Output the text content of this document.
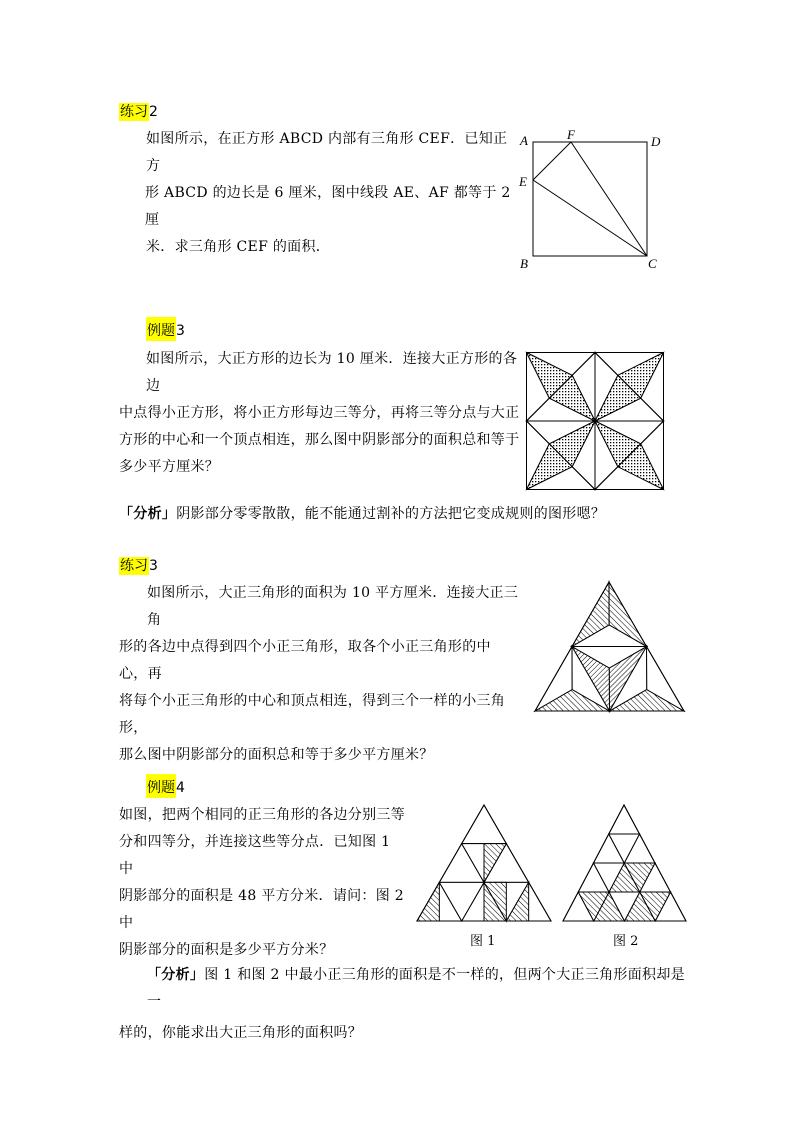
练习2
如图所示，在正方形 ABCD 内部有三角形 CEF．已知正方
形 ABCD 的边长是 6 厘米，图中线段 AE、AF 都等于 2 厘
米．求三角形 CEF 的面积．
A	F	D
E
B	C
例题3
如图所示，大正方形的边长为 10 厘米．连接大正方形的各边
中点得小正方形，将小正方形每边三等分，再将三等分点与大正
方形的中心和一个顶点相连，那么图中阴影部分的面积总和等于
多少平方厘米？
「分析」阴影部分零零散散，能不能通过割补的方法把它变成规则的图形嗯？
练习3
如图所示，大正三角形的面积为 10 平方厘米．连接大正三角
形的各边中点得到四个小正三角形，取各个小正三角形的中心，再
将每个小正三角形的中心和顶点相连，得到三个一样的小三角形，
那么图中阴影部分的面积总和等于多少平方厘米？
例题4
如图，把两个相同的正三角形的各边分别三等
分和四等分，并连接这些等分点．已知图 1 中
阴影部分的面积是 48 平方分米．请问：图 2 中
阴影部分的面积是多少平方分米？
图 1	图 2
「分析」图 1 和图 2 中最小正三角形的面积是不一样的，但两个大正三角形面积却是一
样的，你能求出大正三角形的面积吗？
